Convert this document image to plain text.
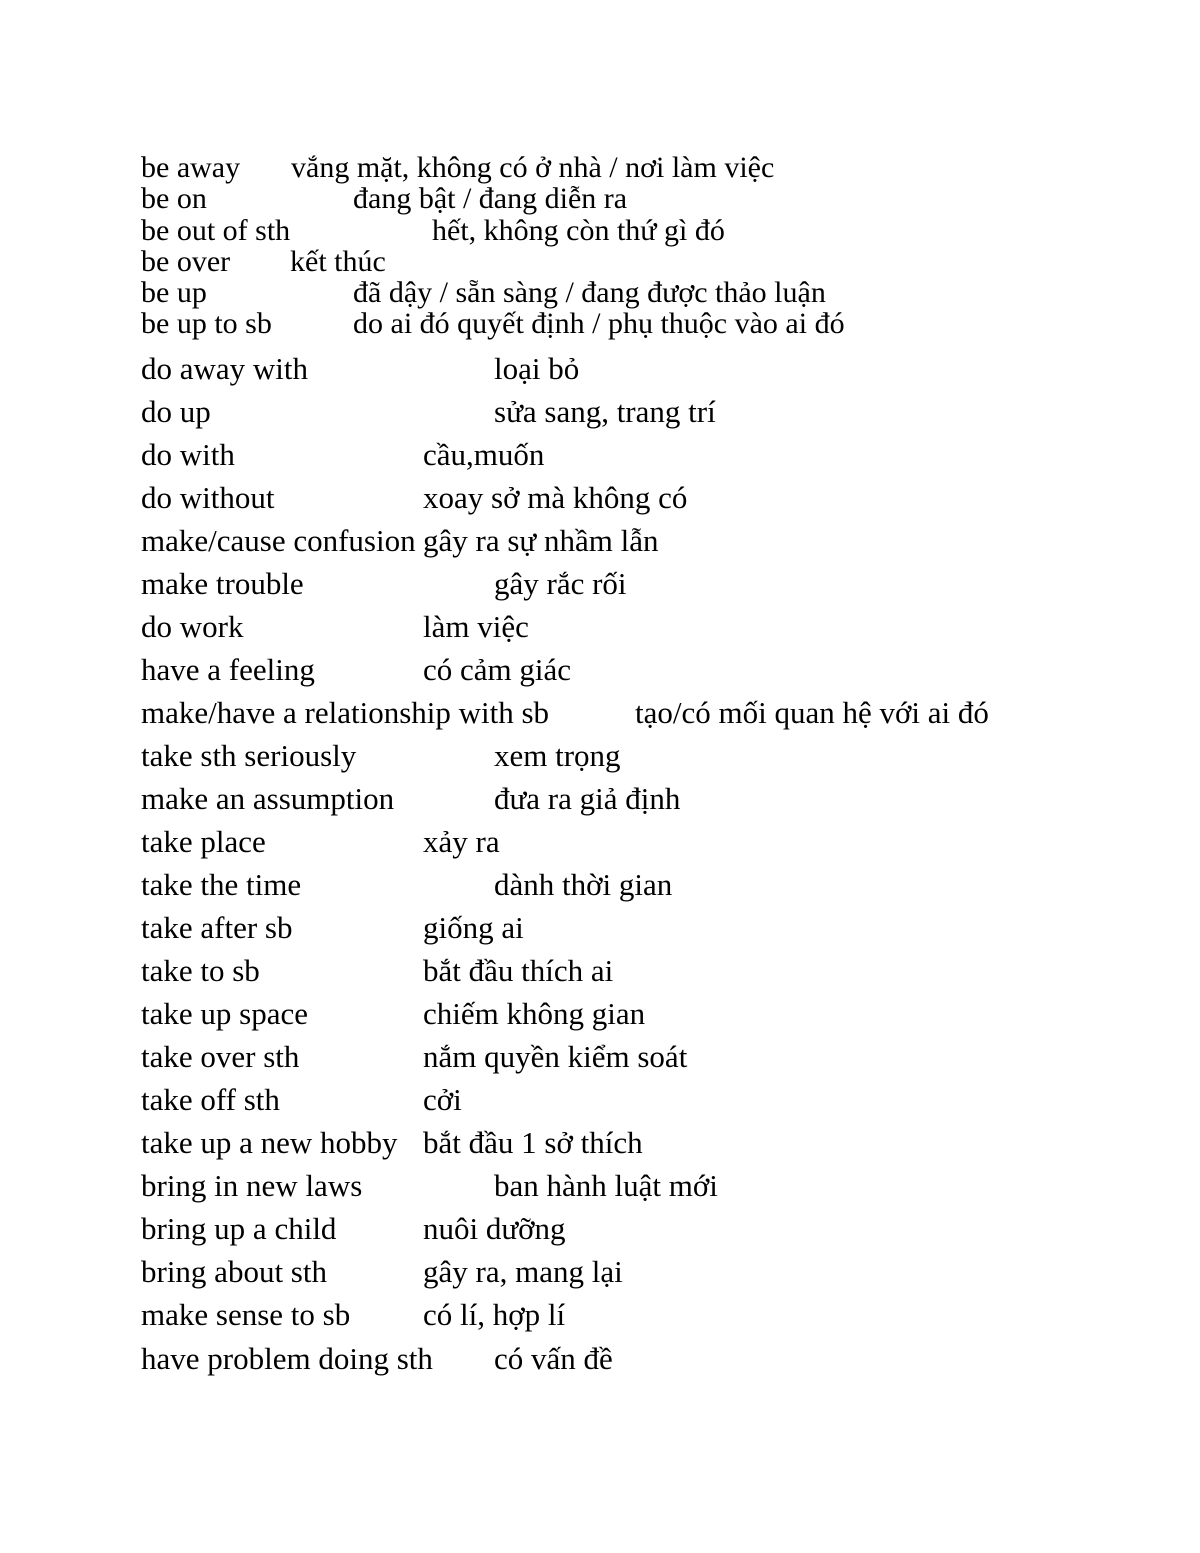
be away vắng mặt, không có ở nhà / nơi làm việc
be on	đang bật / đang diễn ra
be out of sth	hết, không còn thứ gì đó
be over kết thúc
be up	đã dậy / sẵn sàng / đang được thảo luận
be up to sb	do ai đó quyết định / phụ thuộc vào ai đó
do away with	loại bỏ
do up	sửa sang, trang trí
do with	cầu,muốn
do without	xoay sở mà không có
make/cause confusion gây ra sự nhầm lẫn
make trouble	gây rắc rối
do work	làm việc
have a feeling	có cảm giác
make/have a relationship with sb	tạo/có mối quan hệ với ai đó
take sth seriously	xem trọng
make an assumption	đưa ra giả định
take place	xảy ra
take the time	dành thời gian
take after sb	giống ai
take to sb	bắt đầu thích ai
take up space	chiếm không gian
take over sth	nắm quyền kiểm soát
take off sth	cởi
take up a new hobby bắt đầu 1 sở thích
bring in new laws	ban hành luật mới
bring up a child	nuôi dưỡng
bring about sth	gây ra, mang lại
make sense to sb có lí, hợp lí
have problem doing sth có vấn đề
